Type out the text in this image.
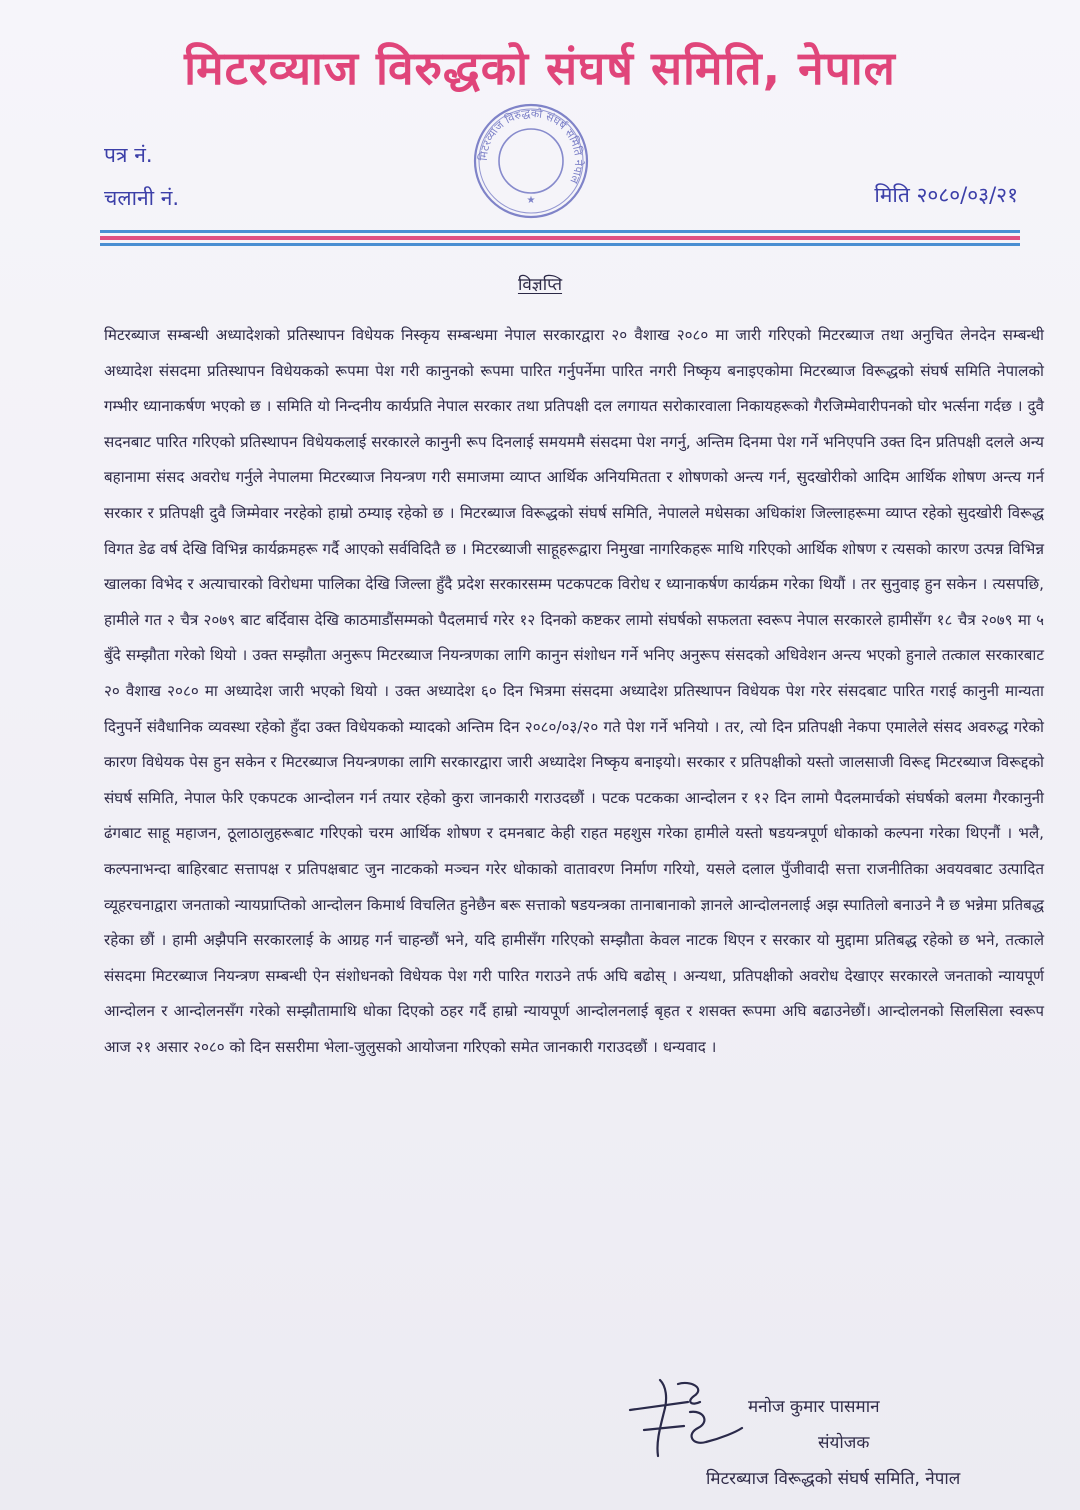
मिटरव्याज विरुद्धको संघर्ष समिति, नेपाल
पत्र नं.
चलानी नं.	मिति २०८०/०३/२१
मिटरव्याज विरुद्धको संघर्ष समिति नेपाल
★
विज्ञप्ति
मिटरब्याज सम्बन्धी अध्यादेशको प्रतिस्थापन विधेयक निस्कृय सम्बन्धमा नेपाल सरकारद्वारा २० वैशाख २०८० मा जारी गरिएको मिटरब्याज तथा अनुचित लेनदेन सम्बन्धी अध्यादेश संसदमा प्रतिस्थापन विधेयकको रूपमा पेश गरी कानुनको रूपमा पारित गर्नुपर्नेमा पारित नगरी निष्कृय बनाइएकोमा मिटरब्याज विरूद्धको संघर्ष समिति नेपालको गम्भीर ध्यानाकर्षण भएको छ । समिति यो निन्दनीय कार्यप्रति नेपाल सरकार तथा प्रतिपक्षी दल लगायत सरोकारवाला निकायहरूको गैरजिम्मेवारीपनको घोर भर्त्सना गर्दछ । दुवै सदनबाट पारित गरिएको प्रतिस्थापन विधेयकलाई सरकारले कानुनी रूप दिनलाई समयममै संसदमा पेश नगर्नु, अन्तिम दिनमा पेश गर्ने भनिएपनि उक्त दिन प्रतिपक्षी दलले अन्य बहानामा संसद अवरोध गर्नुले नेपालमा मिटरब्याज नियन्त्रण गरी समाजमा व्याप्त आर्थिक अनियमितता र शोषणको अन्त्य गर्न, सुदखोरीको आदिम आर्थिक शोषण अन्त्य गर्न सरकार र प्रतिपक्षी दुवै जिम्मेवार नरहेको हाम्रो ठम्याइ रहेको छ । मिटरब्याज विरूद्धको संघर्ष समिति, नेपालले मधेसका अधिकांश जिल्लाहरूमा व्याप्त रहेको सुदखोरी विरूद्ध विगत डेढ वर्ष देखि विभिन्न कार्यक्रमहरू गर्दै आएको सर्वविदितै छ । मिटरब्याजी साहूहरूद्वारा निमुखा नागरिकहरू माथि गरिएको आर्थिक शोषण र त्यसको कारण उत्पन्न विभिन्न खालका विभेद र अत्याचारको विरोधमा पालिका देखि जिल्ला हुँदै प्रदेश सरकारसम्म पटकपटक विरोध र ध्यानाकर्षण कार्यक्रम गरेका थियौं । तर सुनुवाइ हुन सकेन । त्यसपछि, हामीले गत २ चैत्र २०७९ बाट बर्दिवास देखि काठमाडौंसम्मको पैदलमार्च गरेर १२ दिनको कष्टकर लामो संघर्षको सफलता स्वरूप नेपाल सरकारले हामीसँग १८ चैत्र २०७९ मा ५ बुँदे सम्झौता गरेको थियो । उक्त सम्झौता अनुरूप मिटरब्याज नियन्त्रणका लागि कानुन संशोधन गर्ने भनिए अनुरूप संसदको अधिवेशन अन्त्य भएको हुनाले तत्काल सरकारबाट २० वैशाख २०८० मा अध्यादेश जारी भएको थियो । उक्त अध्यादेश ६० दिन भित्रमा संसदमा अध्यादेश प्रतिस्थापन विधेयक पेश गरेर संसदबाट पारित गराई कानुनी मान्यता दिनुपर्ने संवैधानिक व्यवस्था रहेको हुँदा उक्त विधेयकको म्यादको अन्तिम दिन २०८०/०३/२० गते पेश गर्ने भनियो । तर, त्यो दिन प्रतिपक्षी नेकपा एमालेले संसद अवरुद्ध गरेको कारण विधेयक पेस हुन सकेन र मिटरब्याज नियन्त्रणका लागि सरकारद्वारा जारी अध्यादेश निष्कृय बनाइयो। सरकार र प्रतिपक्षीको यस्तो जालसाजी विरूद्द मिटरब्याज विरूद्दको संघर्ष समिति, नेपाल फेरि एकपटक आन्दोलन गर्न तयार रहेको कुरा जानकारी गराउदछौं । पटक पटकका आन्दोलन र १२ दिन लामो पैदलमार्चको संघर्षको बलमा गैरकानुनी ढंगबाट साहू महाजन, ठूलाठालुहरूबाट गरिएको चरम आर्थिक शोषण र दमनबाट केही राहत महशुस गरेका हामीले यस्तो षडयन्त्रपूर्ण धोकाको कल्पना गरेका थिएनौं । भलै, कल्पनाभन्दा बाहिरबाट सत्तापक्ष र प्रतिपक्षबाट जुन नाटकको मञ्चन गरेर धोकाको वातावरण निर्माण गरियो, यसले दलाल पुँजीवादी सत्ता राजनीतिका अवयवबाट उत्पादित व्यूहरचनाद्वारा जनताको न्यायप्राप्तिको आन्दोलन किमार्थ विचलित हुनेछैन बरू सत्ताको षडयन्त्रका तानाबानाको ज्ञानले आन्दोलनलाई अझ स्पातिलो बनाउने नै छ भन्नेमा प्रतिबद्ध रहेका छौं । हामी अझैपनि सरकारलाई के आग्रह गर्न चाहन्छौं भने, यदि हामीसँग गरिएको सम्झौता केवल नाटक थिएन र सरकार यो मुद्दामा प्रतिबद्ध रहेको छ भने, तत्काले संसदमा मिटरब्याज नियन्त्रण सम्बन्धी ऐन संशोधनको विधेयक पेश गरी पारित गराउने तर्फ अघि बढोस् । अन्यथा, प्रतिपक्षीको अवरोध देखाएर सरकारले जनताको न्यायपूर्ण आन्दोलन र आन्दोलनसँग गरेको सम्झौतामाथि धोका दिएको ठहर गर्दै हाम्रो न्यायपूर्ण आन्दोलनलाई बृहत र शसक्त रूपमा अघि बढाउनेछौं। आन्दोलनको सिलसिला स्वरूप आज २१ असार २०८० को दिन ससरीमा भेला-जुलुसको आयोजना गरिएको समेत जानकारी गराउदछौं । धन्यवाद ।
मनोज कुमार पासमान
संयोजक
मिटरब्याज विरूद्धको संघर्ष समिति, नेपाल
